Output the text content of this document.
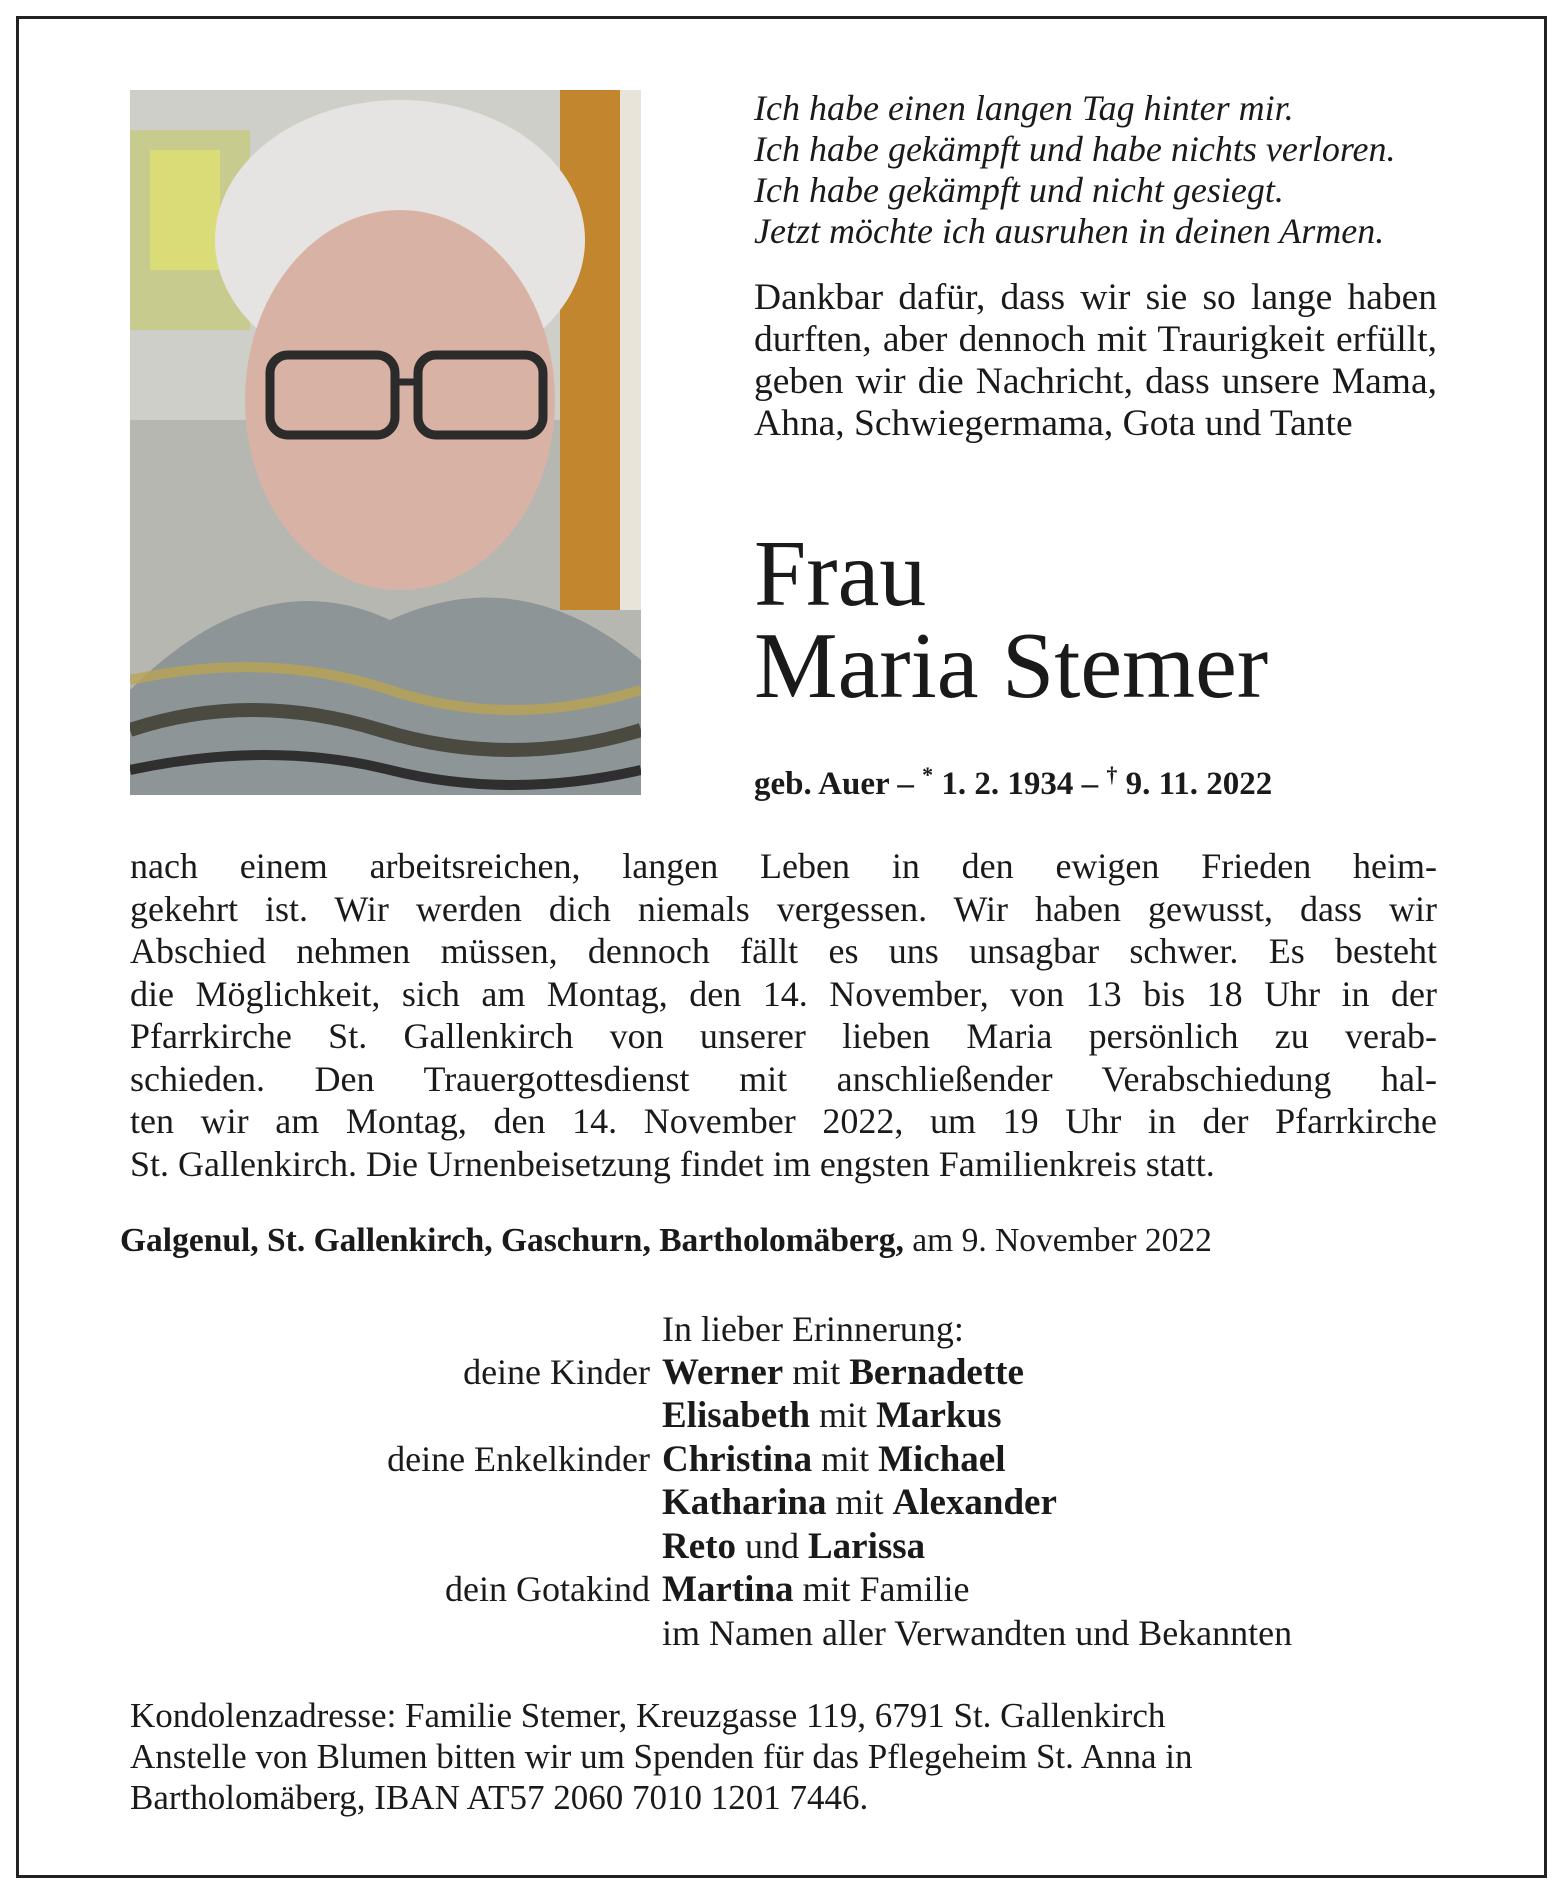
Ich habe einen langen Tag hinter mir.
Ich habe gekämpft und habe nichts verloren.
Ich habe gekämpft und nicht gesiegt.
Jetzt möchte ich ausruhen in deinen Armen.
Dankbar dafür, dass wir sie so lange haben durften, aber dennoch mit Traurigkeit erfüllt, geben wir die Nachricht, dass unsere Mama, Ahna, Schwiegermama, Gota und Tante
Frau
Maria Stemer
geb. Auer – * 1. 2. 1934 – † 9. 11. 2022
nach einem arbeitsreichen, langen Leben in den ewigen Frieden heim-
gekehrt ist. Wir werden dich niemals vergessen. Wir haben gewusst, dass wir
Abschied nehmen müssen, dennoch fällt es uns unsagbar schwer. Es besteht
die Möglichkeit, sich am Montag, den 14. November, von 13 bis 18 Uhr in der
Pfarrkirche St. Gallenkirch von unserer lieben Maria persönlich zu verab-
schieden. Den Trauergottesdienst mit anschließender Verabschiedung hal-
ten wir am Montag, den 14. November 2022, um 19 Uhr in der Pfarrkirche
St. Gallenkirch. Die Urnenbeisetzung findet im engsten Familienkreis statt.
Galgenul, St. Gallenkirch, Gaschurn, Bartholomäberg, am 9. November 2022
In lieber Erinnerung:
deine Kinder Werner mit Bernadette
Elisabeth mit Markus
deine Enkelkinder Christina mit Michael
Katharina mit Alexander
Reto und Larissa
dein Gotakind Martina mit Familie
im Namen aller Verwandten und Bekannten
Kondolenzadresse: Familie Stemer, Kreuzgasse 119, 6791 St. Gallenkirch
Anstelle von Blumen bitten wir um Spenden für das Pflegeheim St. Anna in
Bartholomäberg, IBAN AT57 2060 7010 1201 7446.
